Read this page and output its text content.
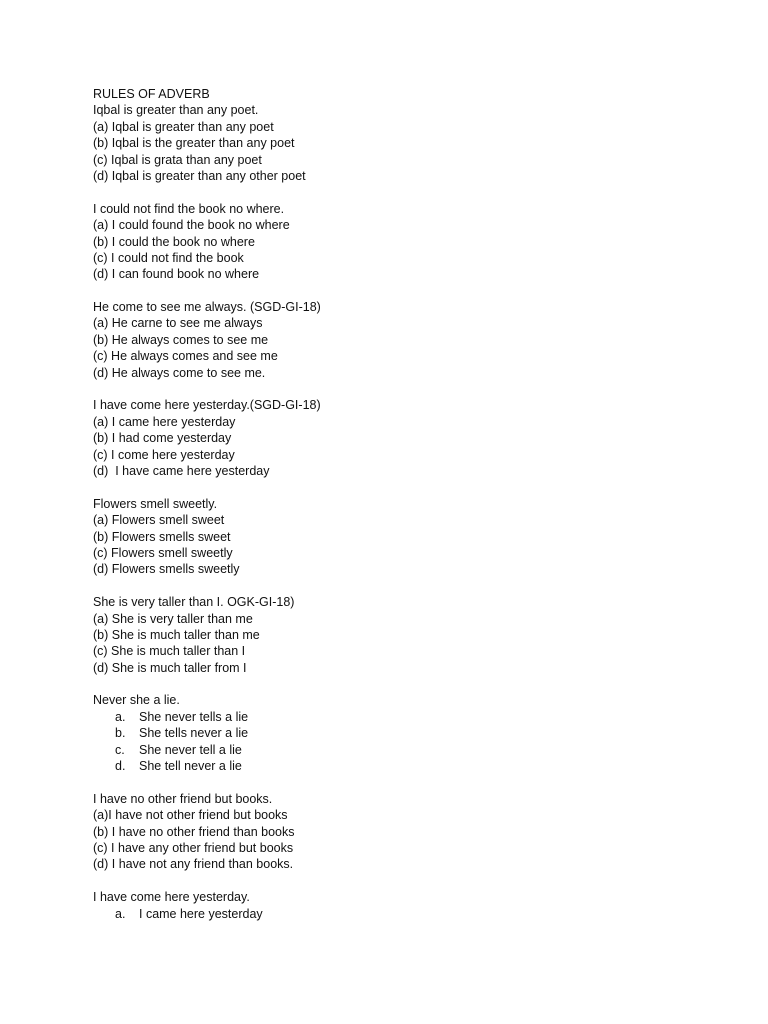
RULES OF ADVERB
Iqbal is greater than any poet.
(a) Iqbal is greater than any poet
(b) Iqbal is the greater than any poet
(c) Iqbal is grata than any poet
(d) Iqbal is greater than any other poet
I could not find the book no where.
(a) I could found the book no where
(b) I could the book no where
(c) I could not find the book
(d) I can found book no where
He come to see me always. (SGD-GI-18)
(a) He carne to see me always
(b) He always comes to see me
(c) He always comes and see me
(d) He always come to see me.
I have come here yesterday.(SGD-GI-18)
(a) I came here yesterday
(b) I had come yesterday
(c) I come here yesterday
(d)  I have came here yesterday
Flowers smell sweetly.
(a) Flowers smell sweet
(b) Flowers smells sweet
(c) Flowers smell sweetly
(d) Flowers smells sweetly
She is very taller than I. OGK-GI-18)
(a) She is very taller than me
(b) She is much taller than me
(c) She is much taller than I
(d) She is much taller from I
Never she a lie.
a.	She never tells a lie
b.	She tells never a lie
c.	She never tell a lie
d.	She tell never a lie
I have no other friend but books.
(a)I have not other friend but books
(b) I have no other friend than books
(c) I have any other friend but books
(d) I have not any friend than books.
I have come here yesterday.
a.	I came here yesterday
